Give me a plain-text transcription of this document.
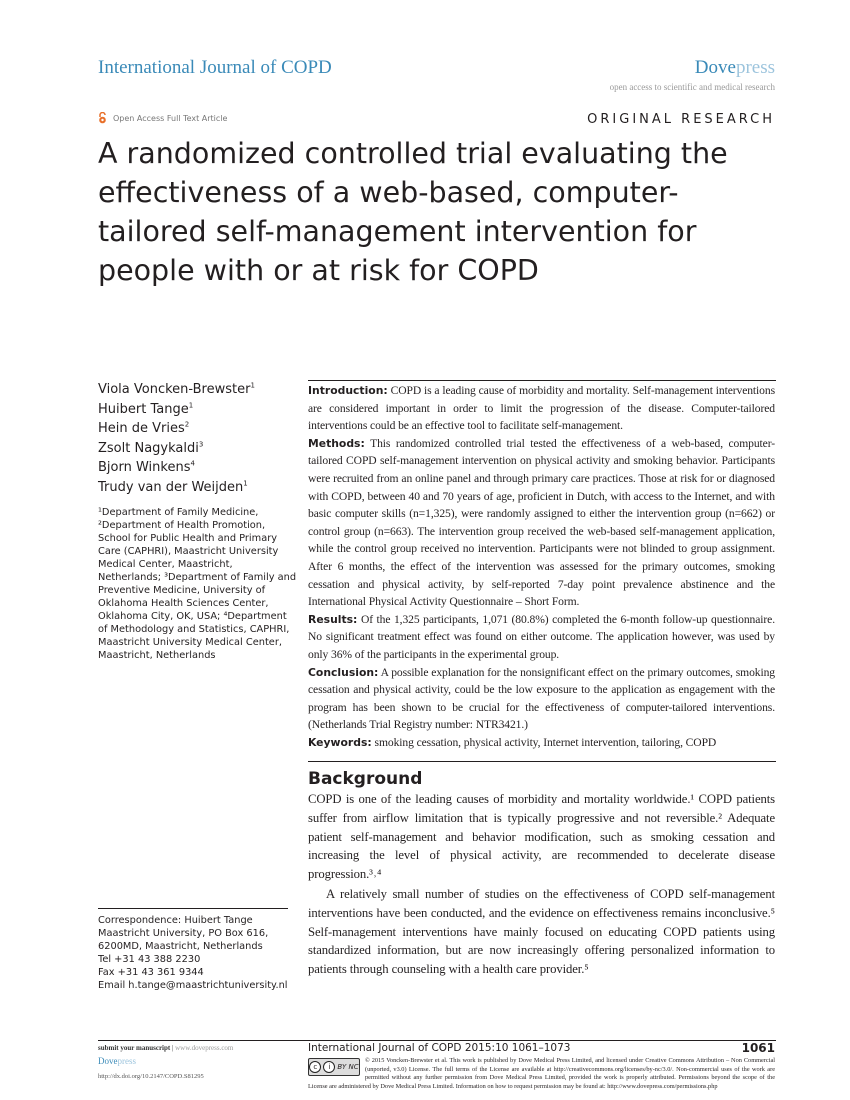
International Journal of COPD	Dovepress
open access to scientific and medical research
Open Access Full Text Article	ORIGINAL RESEARCH
A randomized controlled trial evaluating the effectiveness of a web-based, computer-tailored self-management intervention for people with or at risk for COPD
Viola Voncken-Brewster$^1$
Huibert Tange$^1$
Hein de Vries$^2$
Zsolt Nagykaldi$^3$
Bjorn Winkens$^4$
Trudy van der Weijden$^1$
¹Department of Family Medicine, ²Department of Health Promotion, School for Public Health and Primary Care (CAPHRI), Maastricht University Medical Center, Maastricht, Netherlands; ³Department of Family and Preventive Medicine, University of Oklahoma Health Sciences Center, Oklahoma City, OK, USA; ⁴Department of Methodology and Statistics, CAPHRI, Maastricht University Medical Center, Maastricht, Netherlands
Correspondence: Huibert Tange
Maastricht University, PO Box 616,
6200MD, Maastricht, Netherlands
Tel +31 43 388 2230
Fax +31 43 361 9344
Email h.tange@maastrichtuniversity.nl

Introduction: COPD is a leading cause of morbidity and mortality. Self-management interventions are considered important in order to limit the progression of the disease. Computer-tailored interventions could be an effective tool to facilitate self-management.

Methods: This randomized controlled trial tested the effectiveness of a web-based, computer-tailored COPD self-management intervention on physical activity and smoking behavior. Participants were recruited from an online panel and through primary care practices. Those at risk for or diagnosed with COPD, between 40 and 70 years of age, proficient in Dutch, with access to the Internet, and with basic computer skills (n=1,325), were randomly assigned to either the intervention group (n=662) or control group (n=663). The intervention group received the web-based self-management application, while the control group received no intervention. Participants were not blinded to group assignment. After 6 months, the effect of the intervention was assessed for the primary outcomes, smoking cessation and physical activity, by self-reported 7-day point prevalence abstinence and the International Physical Activity Questionnaire – Short Form.

Results: Of the 1,325 participants, 1,071 (80.8%) completed the 6-month follow-up questionnaire. No significant treatment effect was found on either outcome. The application however, was used by only 36% of the participants in the experimental group.

Conclusion: A possible explanation for the nonsignificant effect on the primary outcomes, smoking cessation and physical activity, could be the low exposure to the application as engagement with the program has been shown to be crucial for the effectiveness of computer-tailored interventions. (Netherlands Trial Registry number: NTR3421.)

Keywords: smoking cessation, physical activity, Internet intervention, tailoring, COPD

Background

COPD is one of the leading causes of morbidity and mortality worldwide.¹ COPD patients suffer from airflow limitation that is typically progressive and not reversible.² Adequate patient self-management and behavior modification, such as smoking cessation and increasing the level of physical activity, are recommended to decelerate disease progression.³˒⁴

A relatively small number of studies on the effectiveness of COPD self-management interventions have been conducted, and the evidence on effectiveness remains inconclusive.⁵ Self-management interventions have mainly focused on educating COPD patients using standardized information, but are now increasingly offering personalized information to patients through counseling with a health care provider.⁵

submit your manuscript | www.dovepress.com
Dovepress
http://dx.doi.org/10.2147/COPD.S81295
International Journal of COPD 2015:10 1061–1073	1061
c	i	BY NC
© 2015 Voncken-Brewster et al. This work is published by Dove Medical Press Limited, and licensed under Creative Commons Attribution – Non Commercial (unported, v3.0) License. The full terms of the License are available at http://creativecommons.org/licenses/by-nc/3.0/. Non-commercial uses of the work are permitted without any further permission from Dove Medical Press Limited, provided the work is properly attributed. Permissions beyond the scope of the License are administered by Dove Medical Press Limited. Information on how to request permission may be found at: http://www.dovepress.com/permissions.php
